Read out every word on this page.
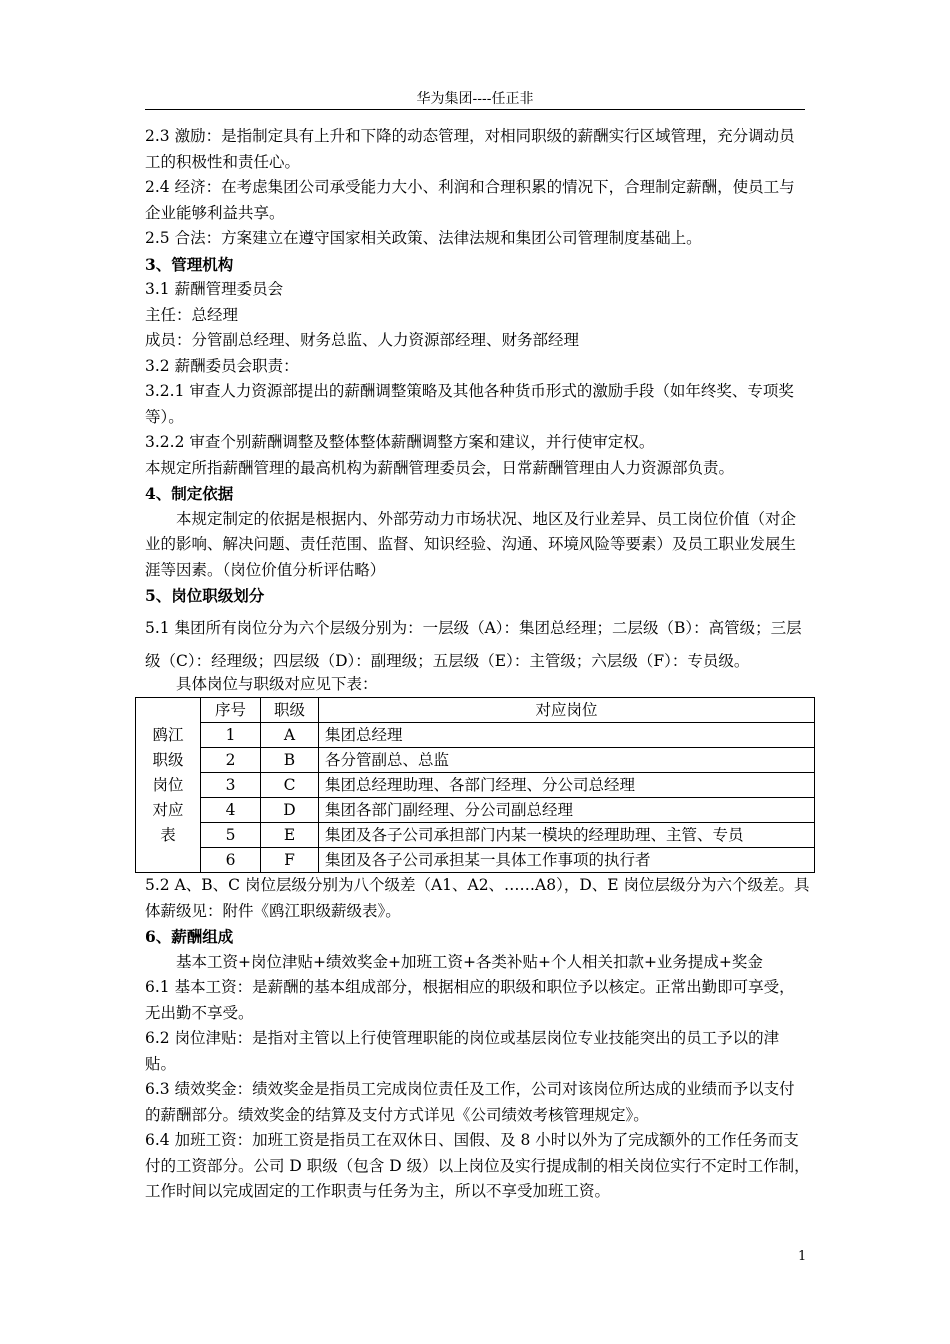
华为集团----任正非

2.3 激励：是指制定具有上升和下降的动态管理，对相同职级的薪酬实行区域管理，充分调动员工的积极性和责任心。

2.4 经济：在考虑集团公司承受能力大小、利润和合理积累的情况下，合理制定薪酬，使员工与企业能够利益共享。

2.5 合法：方案建立在遵守国家相关政策、法律法规和集团公司管理制度基础上。

3、管理机构

3.1 薪酬管理委员会

主任：总经理

成员：分管副总经理、财务总监、人力资源部经理、财务部经理

3.2 薪酬委员会职责：

3.2.1 审查人力资源部提出的薪酬调整策略及其他各种货币形式的激励手段（如年终奖、专项奖等）。

3.2.2 审查个别薪酬调整及整体整体薪酬调整方案和建议，并行使审定权。

本规定所指薪酬管理的最高机构为薪酬管理委员会，日常薪酬管理由人力资源部负责。

4、制定依据

本规定制定的依据是根据内、外部劳动力市场状况、地区及行业差异、员工岗位价值（对企业的影响、解决问题、责任范围、监督、知识经验、沟通、环境风险等要素）及员工职业发展生涯等因素。（岗位价值分析评估略）

5、岗位职级划分

5.1 集团所有岗位分为六个层级分别为：一层级（A）：集团总经理；二层级（B）：高管级；三层

级（C）：经理级；四层级（D）：副理级；五层级（E）：主管级；六层级（F）：专员级。

具体岗位与职级对应见下表：

鸥江
职级
岗位
对应
表	序号	职级	对应岗位
	1	A	集团总经理
	2	B	各分管副总、总监
	3	C	集团总经理助理、各部门经理、分公司总经理
	4	D	集团各部门副经理、分公司副总经理
	5	E	集团及各子公司承担部门内某一模块的经理助理、主管、专员
	6	F	集团及各子公司承担某一具体工作事项的执行者

5.2 A、B、C 岗位层级分别为八个级差（A1、A2、……A8），D、E 岗位层级分为六个级差。具体薪级见：附件《鸥江职级薪级表》。

6、薪酬组成

基本工资+岗位津贴+绩效奖金+加班工资+各类补贴+个人相关扣款+业务提成+奖金

6.1 基本工资：是薪酬的基本组成部分，根据相应的职级和职位予以核定。正常出勤即可享受，无出勤不享受。

6.2 岗位津贴：是指对主管以上行使管理职能的岗位或基层岗位专业技能突出的员工予以的津贴。

6.3 绩效奖金：绩效奖金是指员工完成岗位责任及工作，公司对该岗位所达成的业绩而予以支付的薪酬部分。绩效奖金的结算及支付方式详见《公司绩效考核管理规定》。

6.4 加班工资：加班工资是指员工在双休日、国假、及 8 小时以外为了完成额外的工作任务而支付的工资部分。公司 D 职级（包含 D 级）以上岗位及实行提成制的相关岗位实行不定时工作制，工作时间以完成固定的工作职责与任务为主，所以不享受加班工资。

1
